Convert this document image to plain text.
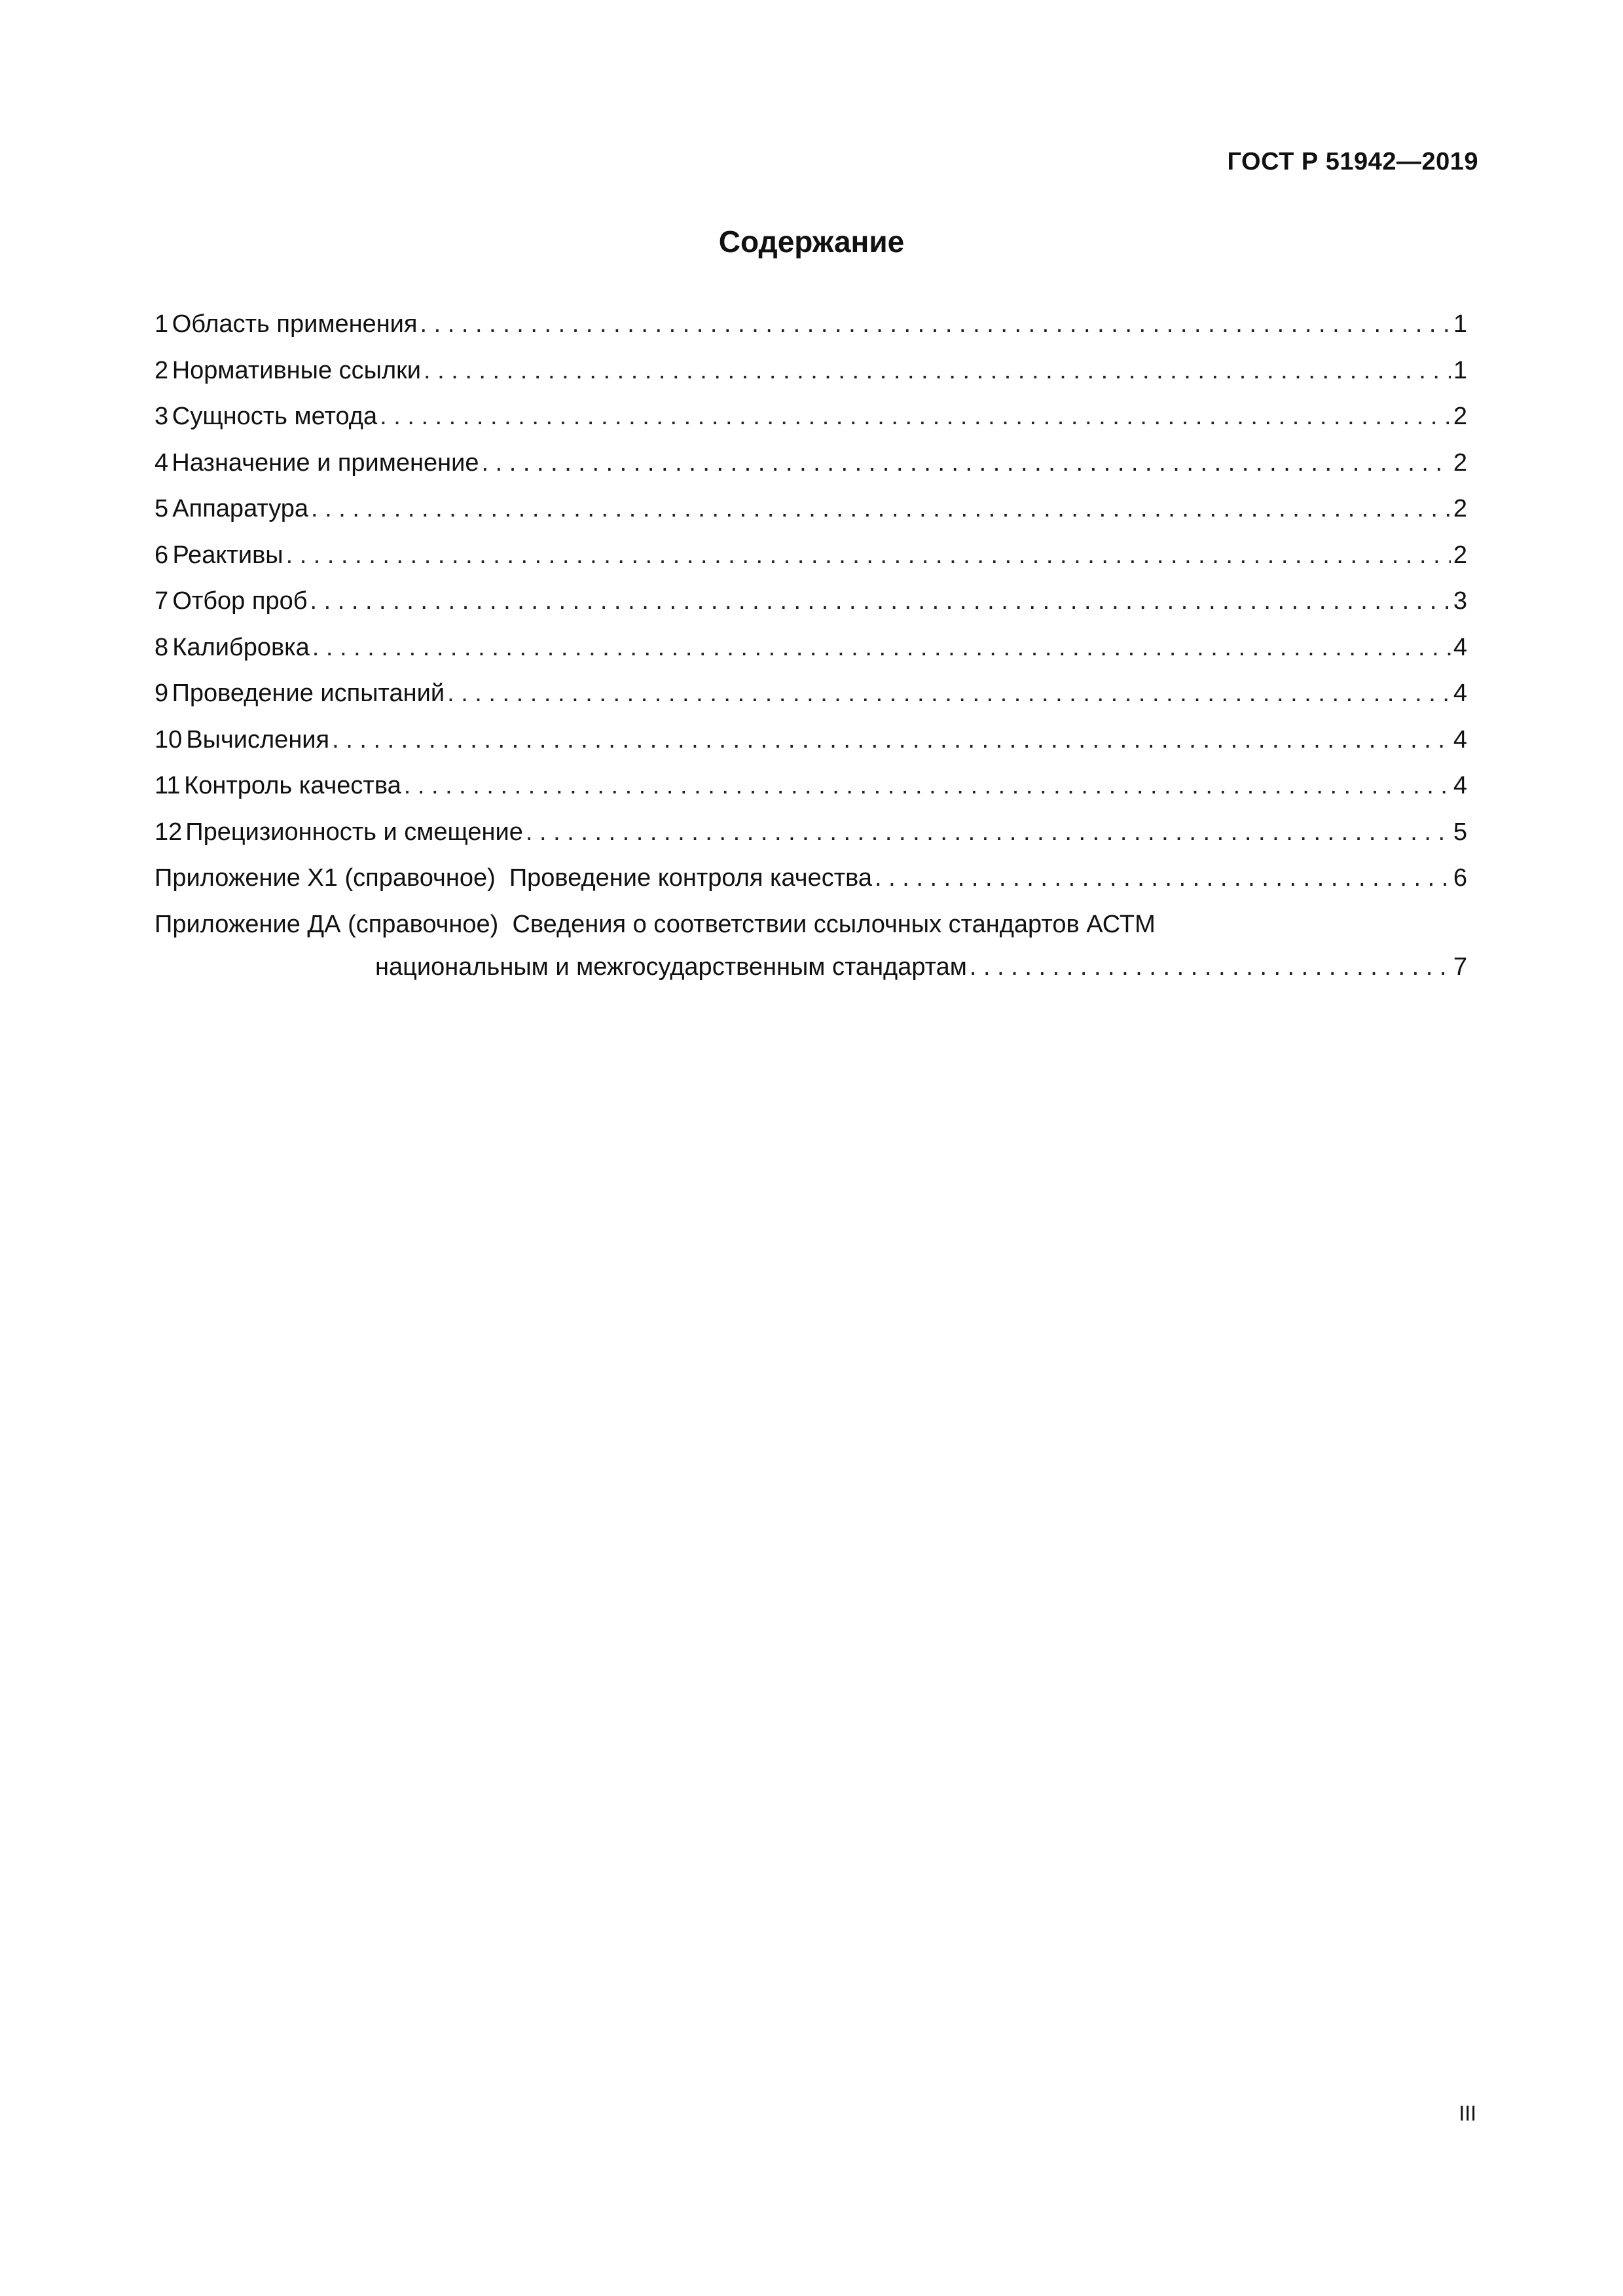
ГОСТ Р 51942—2019
Содержание
1 Область применения . . .	1
2 Нормативные ссылки . . .	1
3 Сущность метода . . .	2
4 Назначение и применение . . .	2
5 Аппаратура . . .	2
6 Реактивы . . .	2
7 Отбор проб . . .	3
8 Калибровка . . .	4
9 Проведение испытаний . . .	4
10 Вычисления . . .	4
11 Контроль качества . . .	4
12 Прецизионность и смещение . . .	5
Приложение Х1 (справочное)  Проведение контроля качества . . .	6
Приложение ДА (справочное)  Сведения о соответствии ссылочных стандартов АСТМ
национальным и межгосударственным стандартам . . .	7
III
